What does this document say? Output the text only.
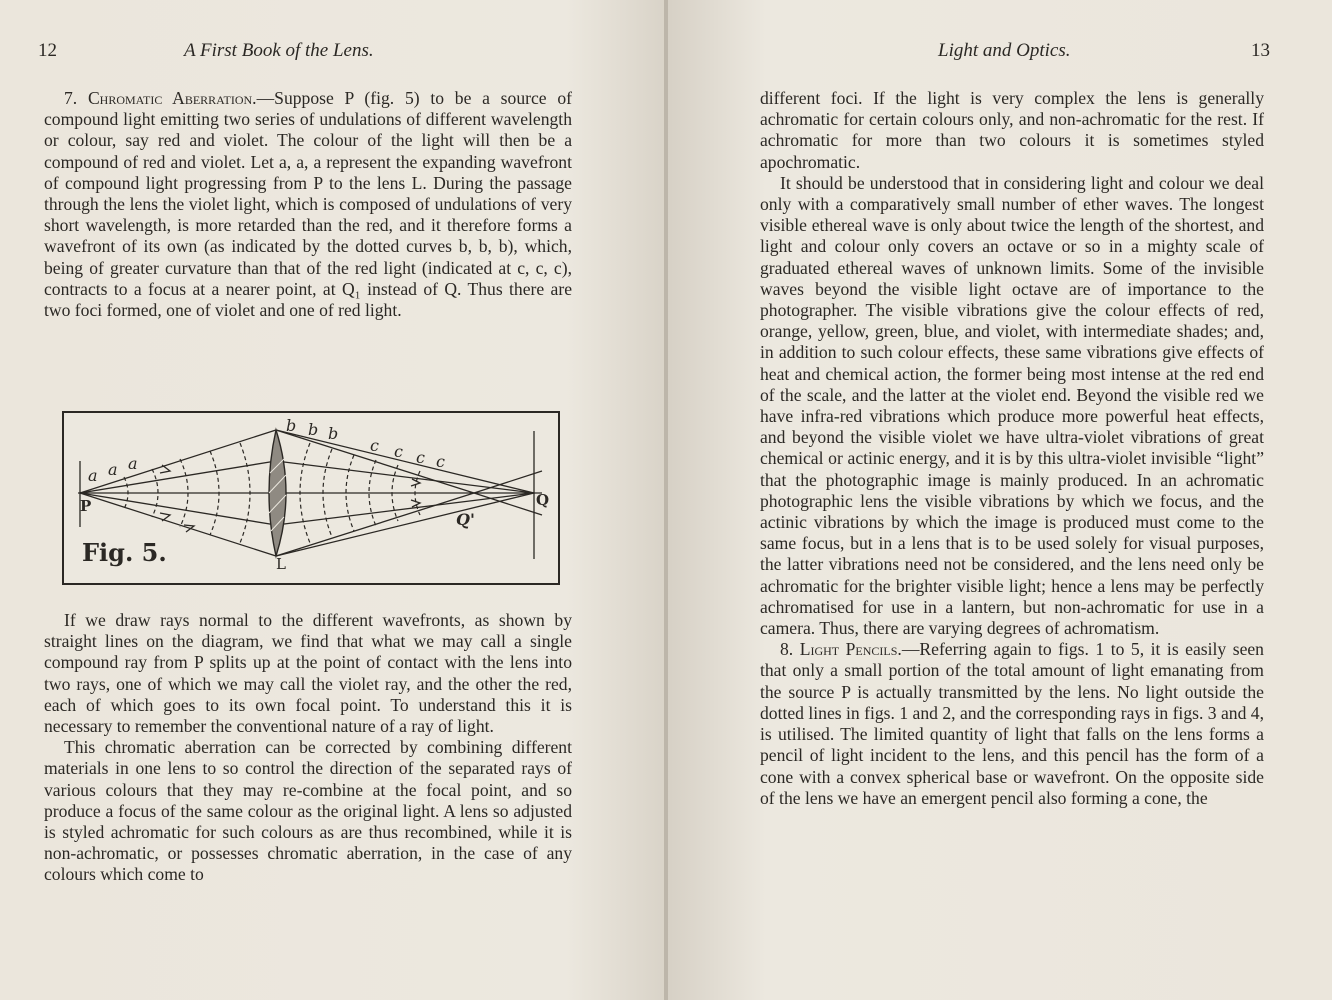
12	A First Book of the Lens.

7. Chromatic Aberration.—Suppose P (fig. 5) to be a source of compound light emitting two series of undulations of different wavelength or colour, say red and violet. The colour of the light will then be a compound of red and violet. Let a, a, a represent the expanding wavefront of compound light progressing from P to the lens L. During the passage through the lens the violet light, which is composed of undulations of very short wavelength, is more retarded than the red, and it therefore forms a wavefront of its own (as indicated by the dotted curves b, b, b), which, being of greater curvature than that of the red light (indicated at c, c, c), contracts to a focus at a nearer point, at Q₁ instead of Q. Thus there are two foci formed, one of violet and one of red light.

a a a
b b b
c c c c
Q'
P	Q
L
Fig. 5.

If we draw rays normal to the different wavefronts, as shown by straight lines on the diagram, we find that what we may call a single compound ray from P splits up at the point of contact with the lens into two rays, one of which we may call the violet ray, and the other the red, each of which goes to its own focal point. To understand this it is necessary to remember the conventional nature of a ray of light.

This chromatic aberration can be corrected by combining different materials in one lens to so control the direction of the separated rays of various colours that they may re-combine at the focal point, and so produce a focus of the same colour as the original light. A lens so adjusted is styled achromatic for such colours as are thus recombined, while it is non-achromatic, or possesses chromatic aberration, in the case of any colours which come to

Light and Optics.	13

different foci. If the light is very complex the lens is generally achromatic for certain colours only, and non-achromatic for the rest. If achromatic for more than two colours it is sometimes styled apochromatic.

It should be understood that in considering light and colour we deal only with a comparatively small number of ether waves. The longest visible ethereal wave is only about twice the length of the shortest, and light and colour only covers an octave or so in a mighty scale of graduated ethereal waves of unknown limits. Some of the invisible waves beyond the visible light octave are of importance to the photographer. The visible vibrations give the colour effects of red, orange, yellow, green, blue, and violet, with intermediate shades; and, in addition to such colour effects, these same vibrations give effects of heat and chemical action, the former being most intense at the red end of the scale, and the latter at the violet end. Beyond the visible red we have infra-red vibrations which produce more powerful heat effects, and beyond the visible violet we have ultra-violet vibrations of great chemical or actinic energy, and it is by this ultra-violet invisible “light” that the photographic image is mainly produced. In an achromatic photographic lens the visible vibrations by which we focus, and the actinic vibrations by which the image is produced must come to the same focus, but in a lens that is to be used solely for visual purposes, the latter vibrations need not be considered, and the lens need only be achromatic for the brighter visible light; hence a lens may be perfectly achromatised for use in a lantern, but non-achromatic for use in a camera. Thus, there are varying degrees of achromatism.

8. Light Pencils.—Referring again to figs. 1 to 5, it is easily seen that only a small portion of the total amount of light emanating from the source P is actually transmitted by the lens. No light outside the dotted lines in figs. 1 and 2, and the corresponding rays in figs. 3 and 4, is utilised. The limited quantity of light that falls on the lens forms a pencil of light incident to the lens, and this pencil has the form of a cone with a convex spherical base or wavefront. On the opposite side of the lens we have an emergent pencil also forming a cone, the
